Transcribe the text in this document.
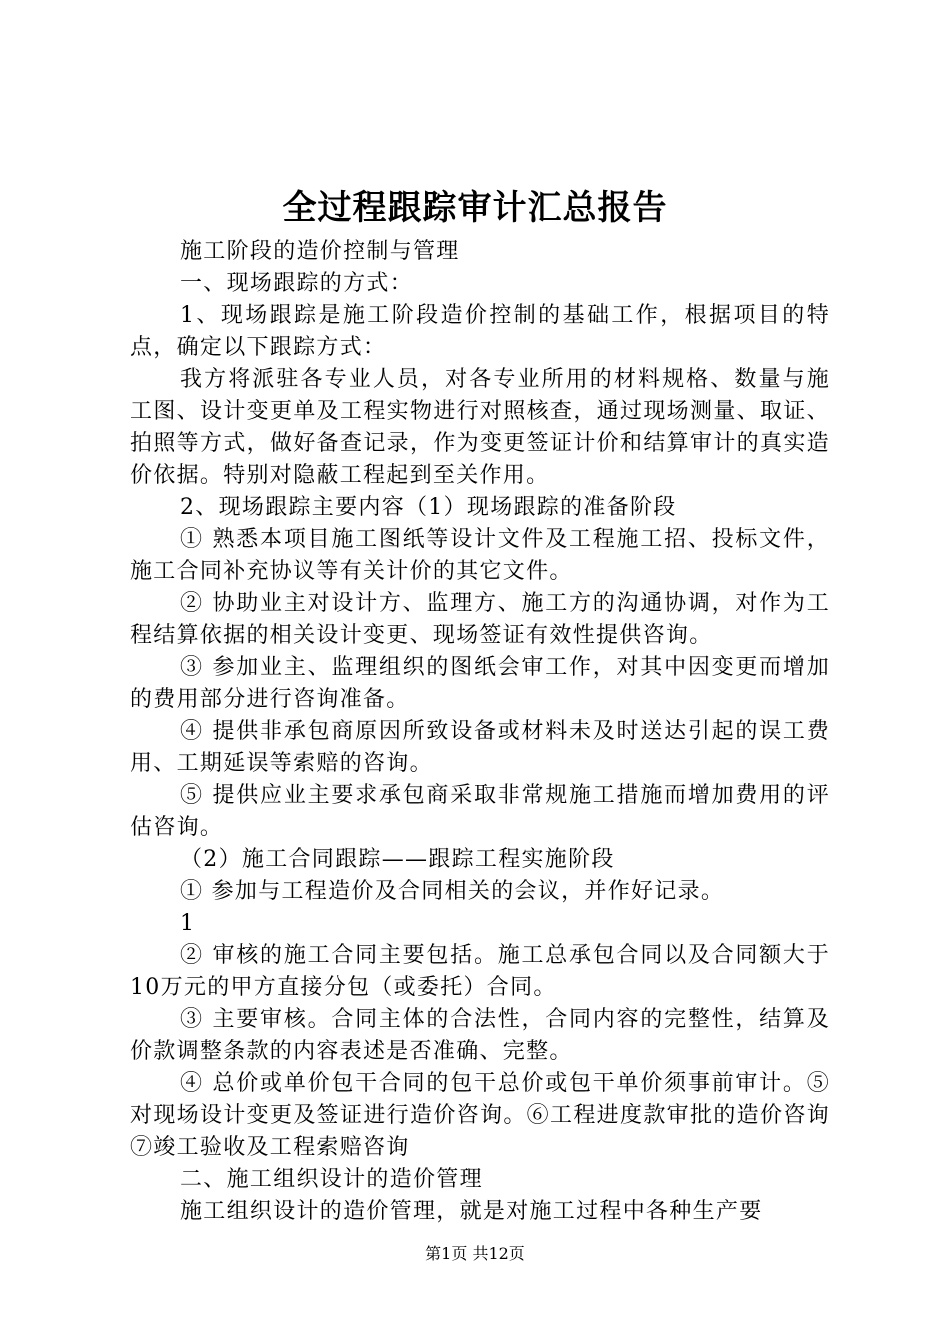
全过程跟踪审计汇总报告

施工阶段的造价控制与管理

一、现场跟踪的方式：

1、现场跟踪是施工阶段造价控制的基础工作，根据项目的特点，确定以下跟踪方式：

我方将派驻各专业人员，对各专业所用的材料规格、数量与施工图、设计变更单及工程实物进行对照核查，通过现场测量、取证、拍照等方式，做好备查记录，作为变更签证计价和结算审计的真实造价依据。特别对隐蔽工程起到至关作用。

2、现场跟踪主要内容（1）现场跟踪的准备阶段

① 熟悉本项目施工图纸等设计文件及工程施工招、投标文件，施工合同补充协议等有关计价的其它文件。

② 协助业主对设计方、监理方、施工方的沟通协调，对作为工程结算依据的相关设计变更、现场签证有效性提供咨询。

③ 参加业主、监理组织的图纸会审工作，对其中因变更而增加的费用部分进行咨询准备。

④ 提供非承包商原因所致设备或材料未及时送达引起的误工费用、工期延误等索赔的咨询。

⑤ 提供应业主要求承包商采取非常规施工措施而增加费用的评估咨询。

（2）施工合同跟踪——跟踪工程实施阶段

① 参加与工程造价及合同相关的会议，并作好记录。

1

② 审核的施工合同主要包括。施工总承包合同以及合同额大于10万元的甲方直接分包（或委托）合同。

③ 主要审核。合同主体的合法性，合同内容的完整性，结算及价款调整条款的内容表述是否准确、完整。

④ 总价或单价包干合同的包干总价或包干单价须事前审计。⑤对现场设计变更及签证进行造价咨询。⑥工程进度款审批的造价咨询⑦竣工验收及工程索赔咨询

二、施工组织设计的造价管理

施工组织设计的造价管理，就是对施工过程中各种生产要

第1页 共12页
